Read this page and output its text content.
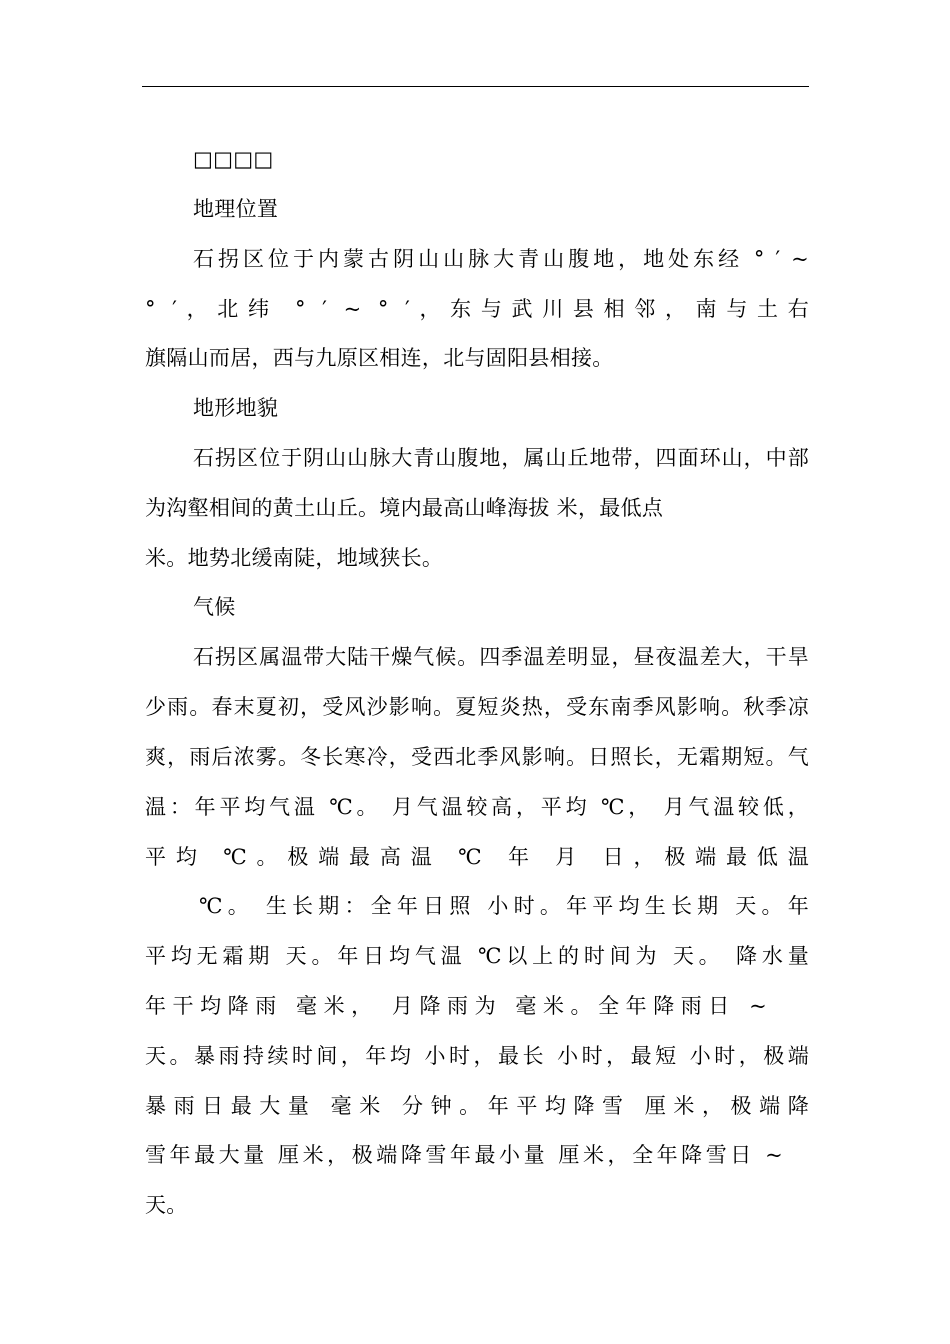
□□□□
地理位置
石拐区位于内蒙古阴山山脉大青山腹地，地处东经 ° ′ ~
° ′，北纬 ° ′ ~ ° ′，东与武川县相邻，南与土右
旗隔山而居，西与九原区相连，北与固阳县相接。
地形地貌
石拐区位于阴山山脉大青山腹地，属山丘地带，四面环山，中部
为沟壑相间的黄土山丘。境内最高山峰海拔 米，最低点
米。地势北缓南陡，地域狭长。
气候
石拐区属温带大陆干燥气候。四季温差明显，昼夜温差大，干旱
少雨。春末夏初，受风沙影响。夏短炎热，受东南季风影响。秋季凉
爽，雨后浓雾。冬长寒冷，受西北季风影响。日照长，无霜期短。气
温：年平均气温 ℃。 月气温较高，平均 ℃， 月气温较低，
平均 ℃。极端最高温 ℃ 年 月 日，极端最低温
℃。 生长期：全年日照 小时。年平均生长期 天。年
平均无霜期 天。年日均气温 ℃以上的时间为 天。 降水量
年干均降雨 毫米， 月降雨为 毫米。全年降雨日 ~
天。暴雨持续时间，年均 小时，最长 小时，最短 小时，极端
暴雨日最大量 毫米 分钟。年平均降雪 厘米，极端降
雪年最大量 厘米，极端降雪年最小量 厘米，全年降雪日 ~
天。
